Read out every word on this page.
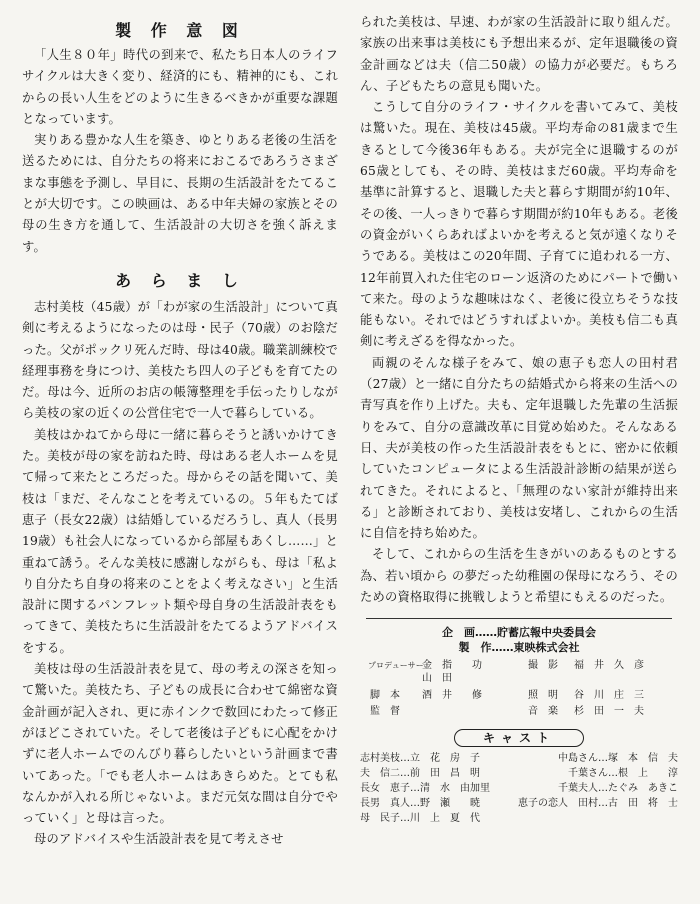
製 作 意 図

「人生８０年」時代の到来で、私たち日本人のライフサイクルは大きく変り、経済的にも、精神的にも、これからの長い人生をどのように生きるべきかが重要な課題となっています。

実りある豊かな人生を築き、ゆとりある老後の生活を送るためには、自分たちの将来におこるであろうさまざまな事態を予測し、早目に、長期の生活設計をたてることが大切です。この映画は、ある中年夫婦の家族とその母の生き方を通して、生活設計の大切さを強く訴えます。

あ ら ま し

志村美枝（45歳）が「わが家の生活設計」について真剣に考えるようになったのは母・民子（70歳）のお陰だった。父がポックリ死んだ時、母は40歳。職業訓練校で経理事務を身につけ、美枝たち四人の子どもを育てたのだ。母は今、近所のお店の帳簿整理を手伝ったりしながら美枝の家の近くの公営住宅で一人で暮らしている。

美枝はかねてから母に一緒に暮らそうと誘いかけてきた。美枝が母の家を訪ねた時、母はある老人ホームを見て帰って来たところだった。母からその話を聞いて、美枝は「まだ、そんなことを考えているの。５年もたてば恵子（長女22歳）は結婚しているだろうし、真人（長男19歳）も社会人になっているから部屋もあくし……」と重ねて誘う。そんな美枝に感謝しながらも、母は「私より自分たち自身の将来のことをよく考えなさい」と生活設計に関するパンフレット類や母自身の生活設計表をもってきて、美枝たちに生活設計をたてるようアドバイスをする。

美枝は母の生活設計表を見て、母の考えの深さを知って驚いた。美枝たち、子どもの成長に合わせて綿密な資金計画が記入され、更に赤インクで数回にわたって修正がほどこされていた。そして老後は子どもに心配をかけずに老人ホームでのんびり暮らしたいという計画まで書いてあった。「でも老人ホームはあきらめた。とても私なんかが入れる所じゃないよ。まだ元気な間は自分でやっていく」と母は言った。

母のアドバイスや生活設計表を見て考えさせ

られた美枝は、早速、わが家の生活設計に取り組んだ。家族の出来事は美枝にも予想出来るが、定年退職後の資金計画などは夫（信二50歳）の協力が必要だ。もちろん、子どもたちの意見も聞いた。

こうして自分のライフ・サイクルを書いてみて、美枝は驚いた。現在、美枝は45歳。平均寿命の81歳まで生きるとして今後36年もある。夫が完全に退職するのが65歳としても、その時、美枝はまだ60歳。平均寿命を基準に計算すると、退職した夫と暮らす期間が約10年、その後、一人っきりで暮らす期間が約10年もある。老後の資金がいくらあればよいかを考えると気が遠くなりそうである。美枝はこの20年間、子育てに追われる一方、12年前買入れた住宅のローン返済のためにパートで働いて来た。母のような趣味はなく、老後に役立ちそうな技能もない。それではどうすればよいか。美枝も信二も真剣に考えざるを得なかった。

両親のそんな様子をみて、娘の恵子も恋人の田村君（27歳）と一緒に自分たちの結婚式から将来の生活への青写真を作り上げた。夫も、定年退職した先輩の生活振りをみて、自分の意識改革に目覚め始めた。そんなある日、夫が美枝の作った生活設計表をもとに、密かに依頼していたコンピュータによる生活設計診断の結果が送られてきた。それによると、「無理のない家計が維持出来る」と診断されており、美枝は安堵し、これからの生活に自信を持ち始めた。

そして、これからの生活を生きがいのあるものとする為、若い頃から の夢だった幼稚園の保母になろう、そのための資格取得に挑戦しようと希望にもえるのだった。

企　画…… 貯蓄広報中央委員会
製　作…… 東映株式会社
プロデューサー
金　指　　功	撮　影 福　井　久　彦
山　田
脚　本 酒　井　　修	照　明 谷　川　庄　三
監　督	音　楽 杉　田　一　夫
キャスト
志村美枝…立　花　房　子	中島さん…塚　本　信　夫
夫　信二…前　田　昌　明	千葉さん…根　上　　淳
長女　恵子…清　水　由加里	千葉夫人…たぐみ　あきこ
長男　真人…野　瀬　　暁	恵子の恋人　田村…古　田　将　士
母　民子…川　上　夏　代
